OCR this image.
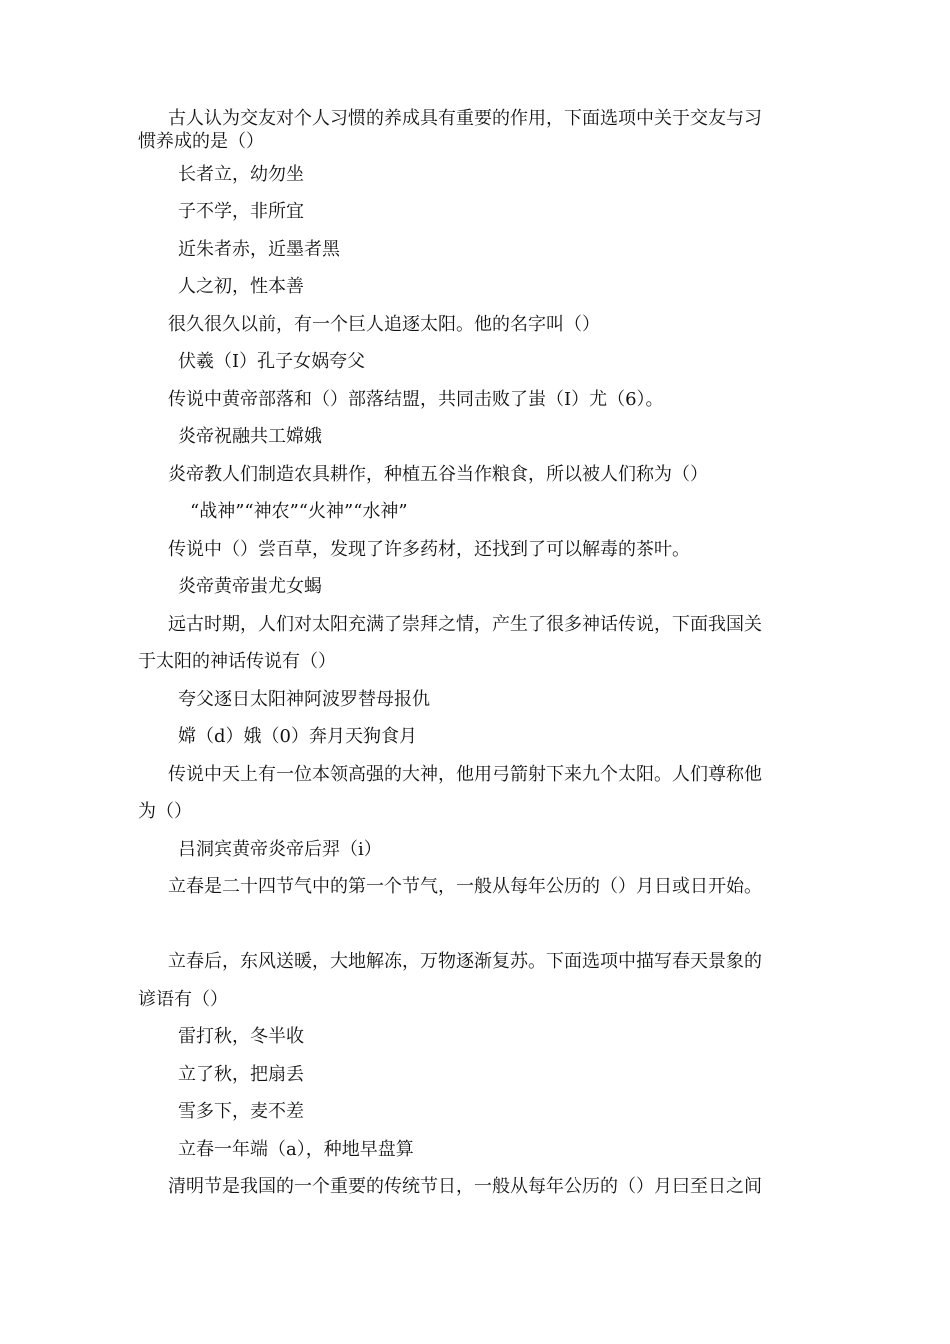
古人认为交友对个人习惯的养成具有重要的作用，下面选项中关于交友与习
惯养成的是（）
长者立，幼勿坐
子不学，非所宜
近朱者赤，近墨者黑
人之初，性本善
很久很久以前，有一个巨人追逐太阳。他的名字叫（）
伏羲（I）孔子女娲夸父
传说中黄帝部落和（）部落结盟，共同击败了蚩（I）尤（6）。
炎帝祝融共工嫦娥
炎帝教人们制造农具耕作，种植五谷当作粮食，所以被人们称为（）
“战神”“神农”“火神”“水神”
传说中（）尝百草，发现了许多药材，还找到了可以解毒的茶叶。
炎帝黄帝蚩尤女蝎
远古时期，人们对太阳充满了崇拜之情，产生了很多神话传说，下面我国关
于太阳的神话传说有（）
夸父逐日太阳神阿波罗替母报仇
嫦（d）娥（0）奔月天狗食月
传说中天上有一位本领高强的大神，他用弓箭射下来九个太阳。人们尊称他
为（）
吕洞宾黄帝炎帝后羿（i）
立春是二十四节气中的第一个节气，一般从每年公历的（）月日或日开始。
立春后，东风送暖，大地解冻，万物逐渐复苏。下面选项中描写春天景象的
谚语有（）
雷打秋，冬半收
立了秋，把扇丢
雪多下，麦不差
立春一年端（a），种地早盘算
清明节是我国的一个重要的传统节日，一般从每年公历的（）月曰至日之间
